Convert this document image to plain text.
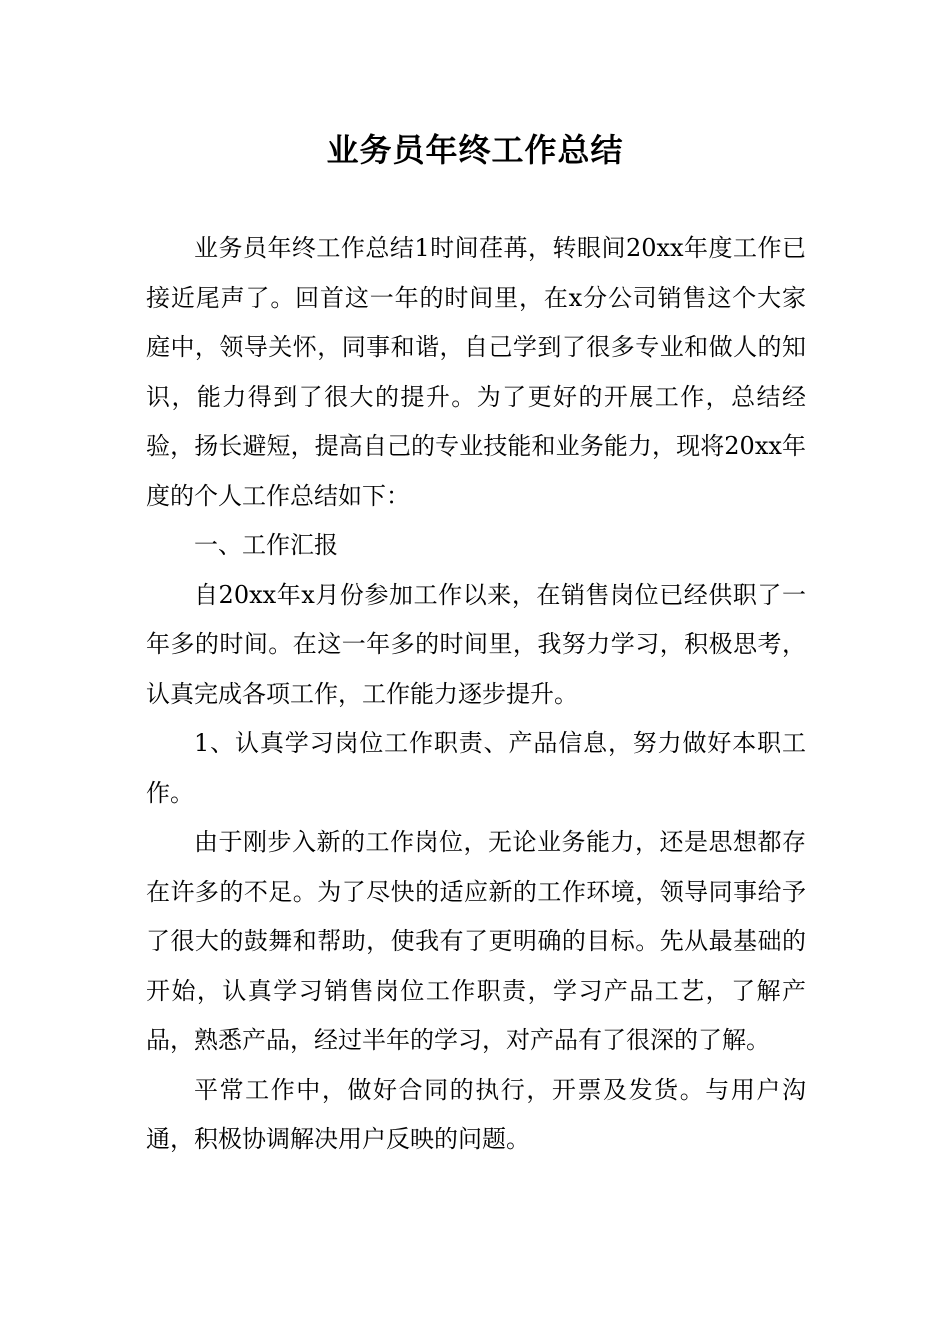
业务员年终工作总结

业务员年终工作总结1时间荏苒，转眼间20xx年度工作已接近尾声了。回首这一年的时间里，在x分公司销售这个大家庭中，领导关怀，同事和谐，自己学到了很多专业和做人的知识，能力得到了很大的提升。为了更好的开展工作，总结经验，扬长避短，提高自己的专业技能和业务能力，现将20xx年度的个人工作总结如下：

一、工作汇报

自20xx年x月份参加工作以来，在销售岗位已经供职了一年多的时间。在这一年多的时间里，我努力学习，积极思考，认真完成各项工作，工作能力逐步提升。

1、认真学习岗位工作职责、产品信息，努力做好本职工作。

由于刚步入新的工作岗位，无论业务能力，还是思想都存在许多的不足。为了尽快的适应新的工作环境，领导同事给予了很大的鼓舞和帮助，使我有了更明确的目标。先从最基础的开始，认真学习销售岗位工作职责，学习产品工艺，了解产品，熟悉产品，经过半年的学习，对产品有了很深的了解。

平常工作中，做好合同的执行，开票及发货。与用户沟通，积极协调解决用户反映的问题。
